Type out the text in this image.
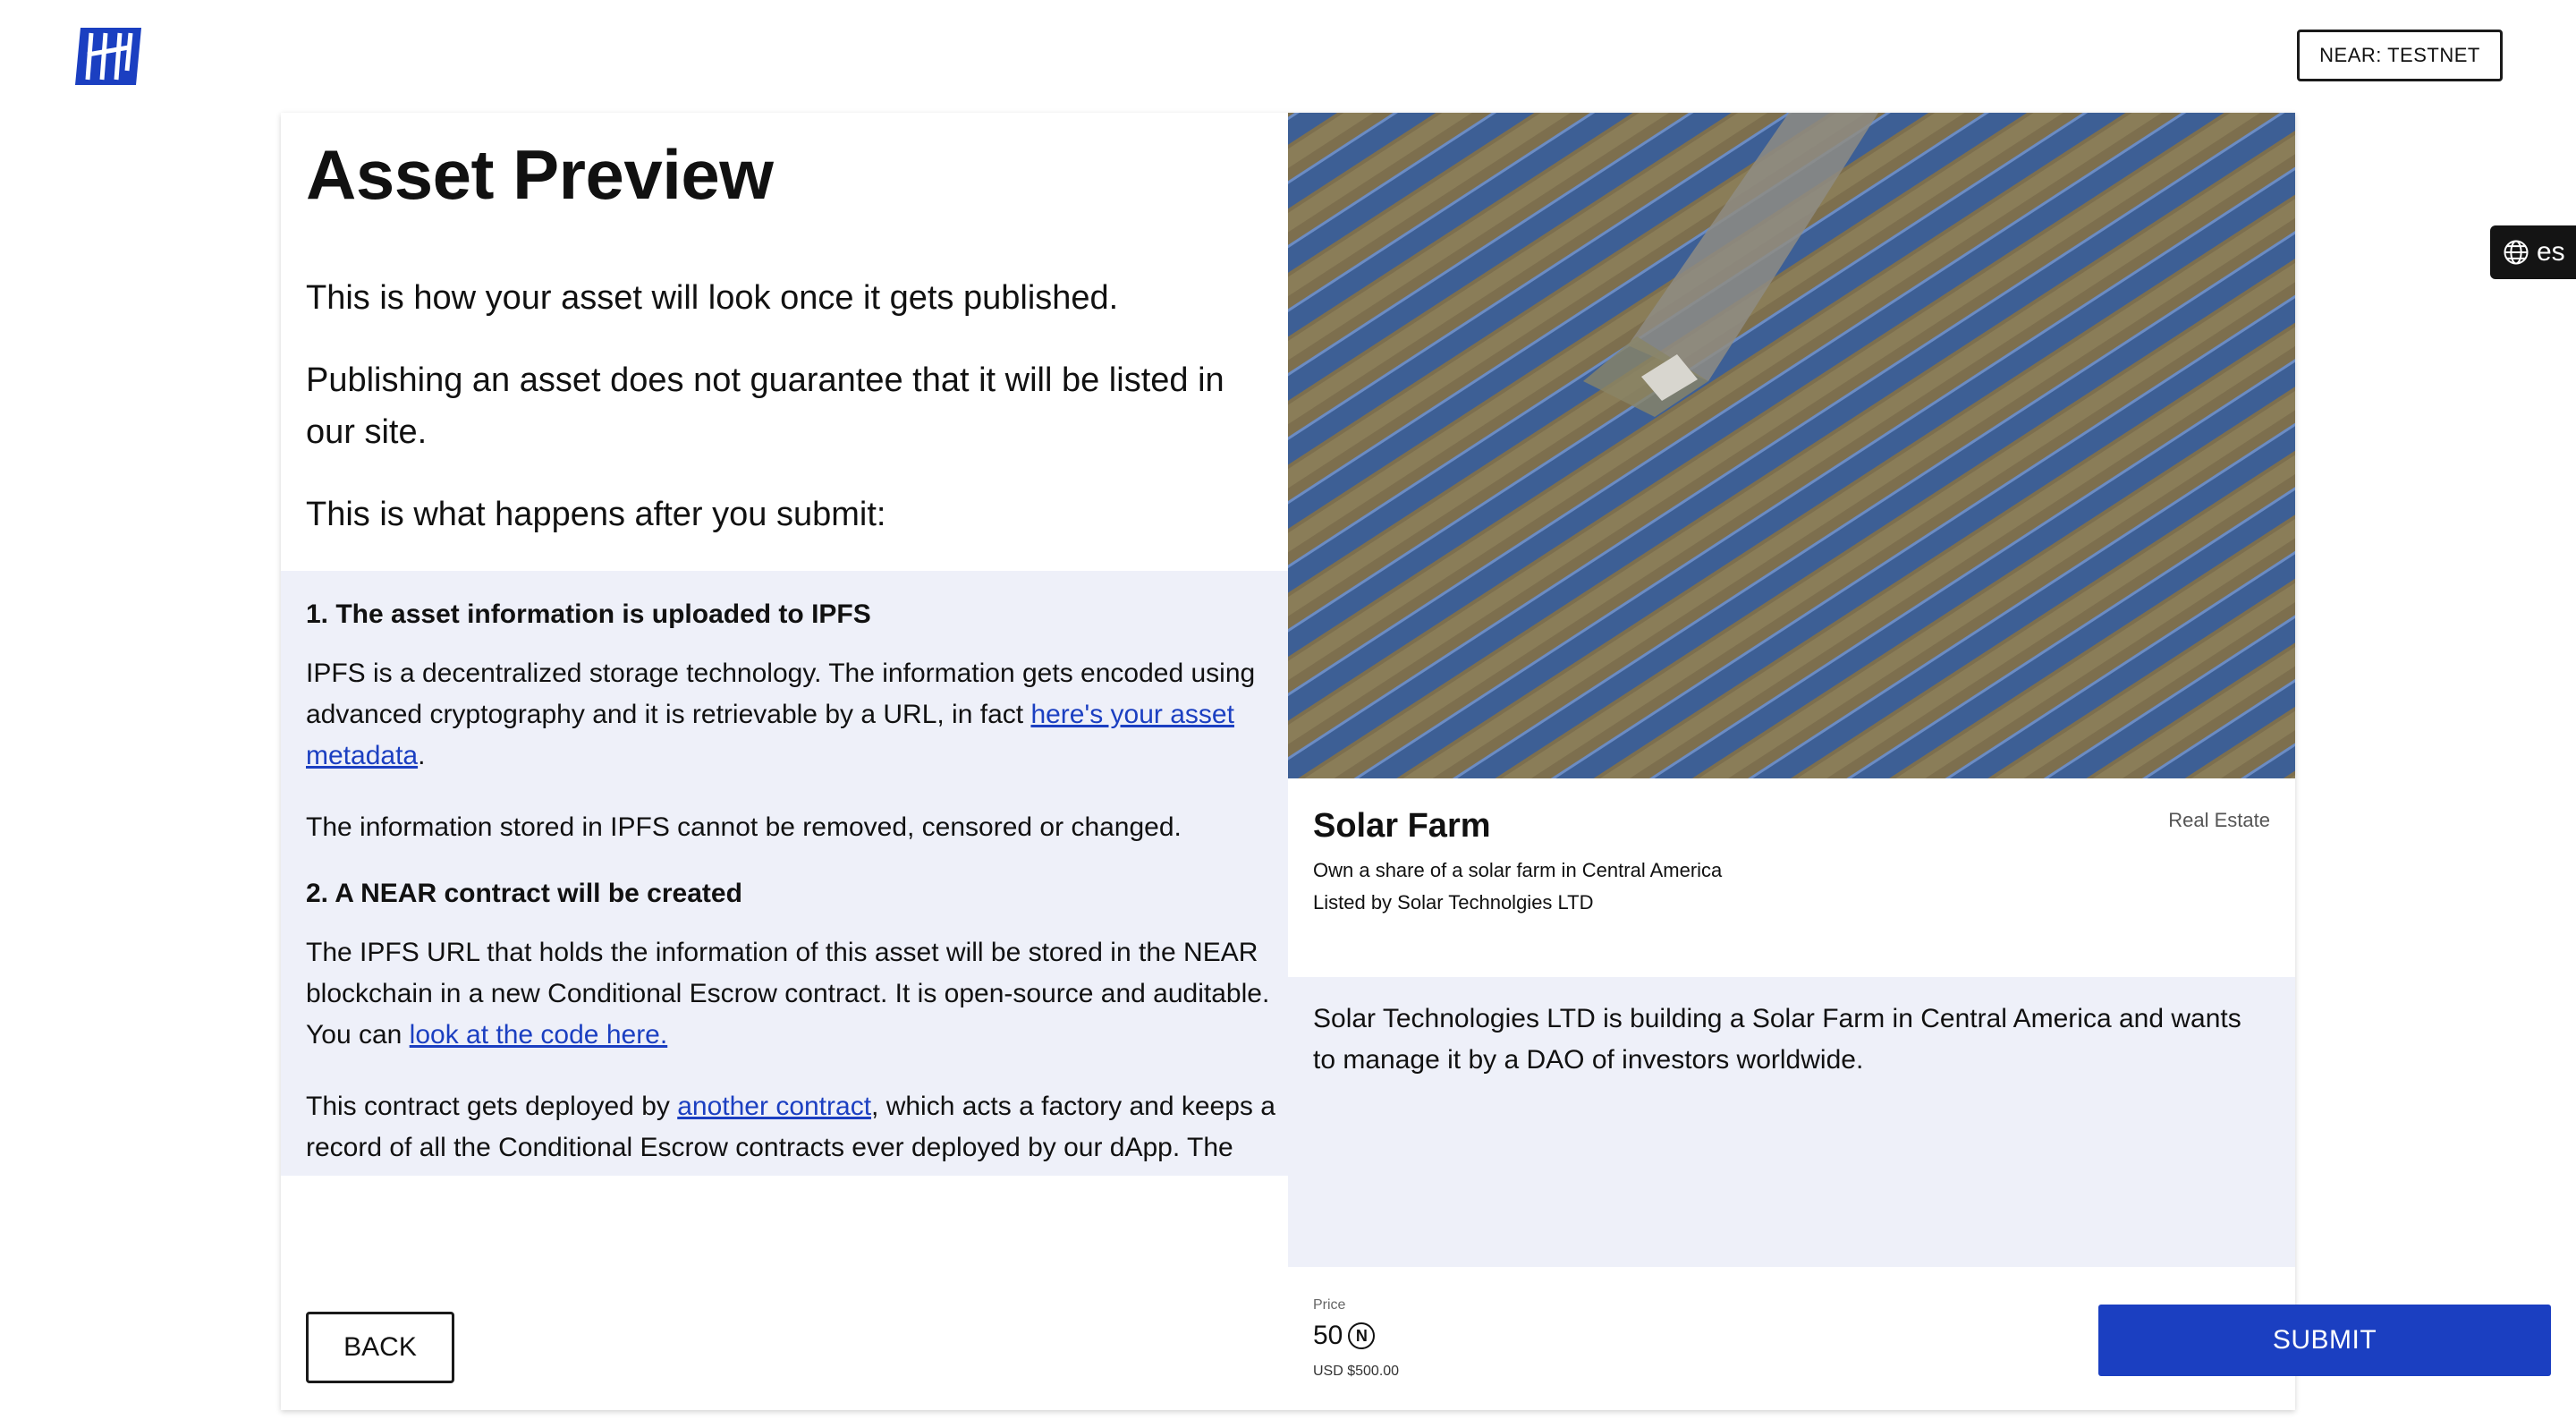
NEAR: TESTNET
es
Asset Preview

This is how your asset will look once it gets published.

Publishing an asset does not guarantee that it will be listed in our site.

This is what happens after you submit:

1. The asset information is uploaded to IPFS

IPFS is a decentralized storage technology. The information gets encoded using advanced cryptography and it is retrievable by a URL, in fact here's your asset metadata.

The information stored in IPFS cannot be removed, censored or changed.

2. A NEAR contract will be created

The IPFS URL that holds the information of this asset will be stored in the NEAR blockchain in a new Conditional Escrow contract. It is open-source and auditable. You can look at the code here.

This contract gets deployed by another contract, which acts a factory and keeps a record of all the Conditional Escrow contracts ever deployed by our dApp. The

BACK
Solar Farm	Real Estate
Own a share of a solar farm in Central America
Listed by Solar Technolgies LTD

Solar Technologies LTD is building a Solar Farm in Central America and wants to manage it by a DAO of investors worldwide.

Price
50 N
USD $500.00
SUBMIT
